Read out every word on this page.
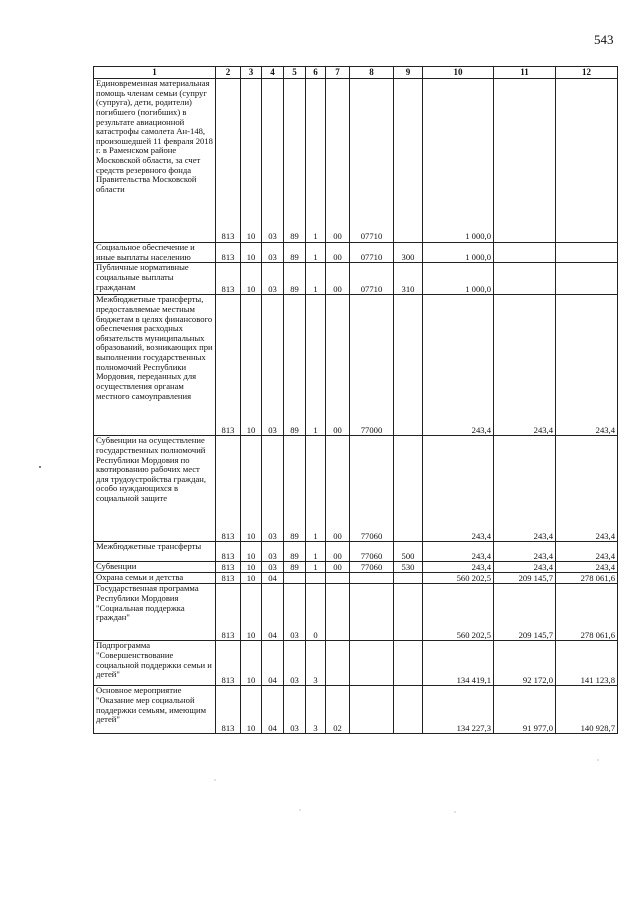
543
1	2	3	4	5	6	7	8	9	10	11	12
Единовременная материальная помощь членам семьи (супруг (супруга), дети, родители) погибшего (погибших) в результате авиационной катастрофы самолета Ан-148, произошедшей 11 февраля 2018 г. в Раменском районе Московской области, за счет средств резервного фонда Правительства Московской области	813	10	03	89	1	00	07710		1 000,0		
Социальное обеспечение и иные выплаты населению	813	10	03	89	1	00	07710	300	1 000,0		
Публичные нормативные социальные выплаты гражданам	813	10	03	89	1	00	07710	310	1 000,0		
Межбюджетные трансферты, предоставляемые местным бюджетам в целях финансового обеспечения расходных обязательств муниципальных образований, возникающих при выполнении государственных полномочий Республики Мордовия, переданных для осуществления органам местного самоуправления	813	10	03	89	1	00	77000		243,4	243,4	243,4
Субвенции на осуществление государственных полномочий Республики Мордовия по квотированию рабочих мест для трудоустройства граждан, особо нуждающихся в социальной защите	813	10	03	89	1	00	77060		243,4	243,4	243,4
Межбюджетные трансферты	813	10	03	89	1	00	77060	500	243,4	243,4	243,4
Субвенции	813	10	03	89	1	00	77060	530	243,4	243,4	243,4
Охрана семьи и детства	813	10	04						560 202,5	209 145,7	278 061,6
Государственная программа Республики Мордовия "Социальная поддержка граждан"	813	10	04	03	0				560 202,5	209 145,7	278 061,6
Подпрограмма "Совершенствование социальной поддержки семьи и детей"	813	10	04	03	3				134 419,1	92 172,0	141 123,8
Основное мероприятие "Оказание мер социальной поддержки семьям, имеющим детей"	813	10	04	03	3	02			134 227,3	91 977,0	140 928,7
